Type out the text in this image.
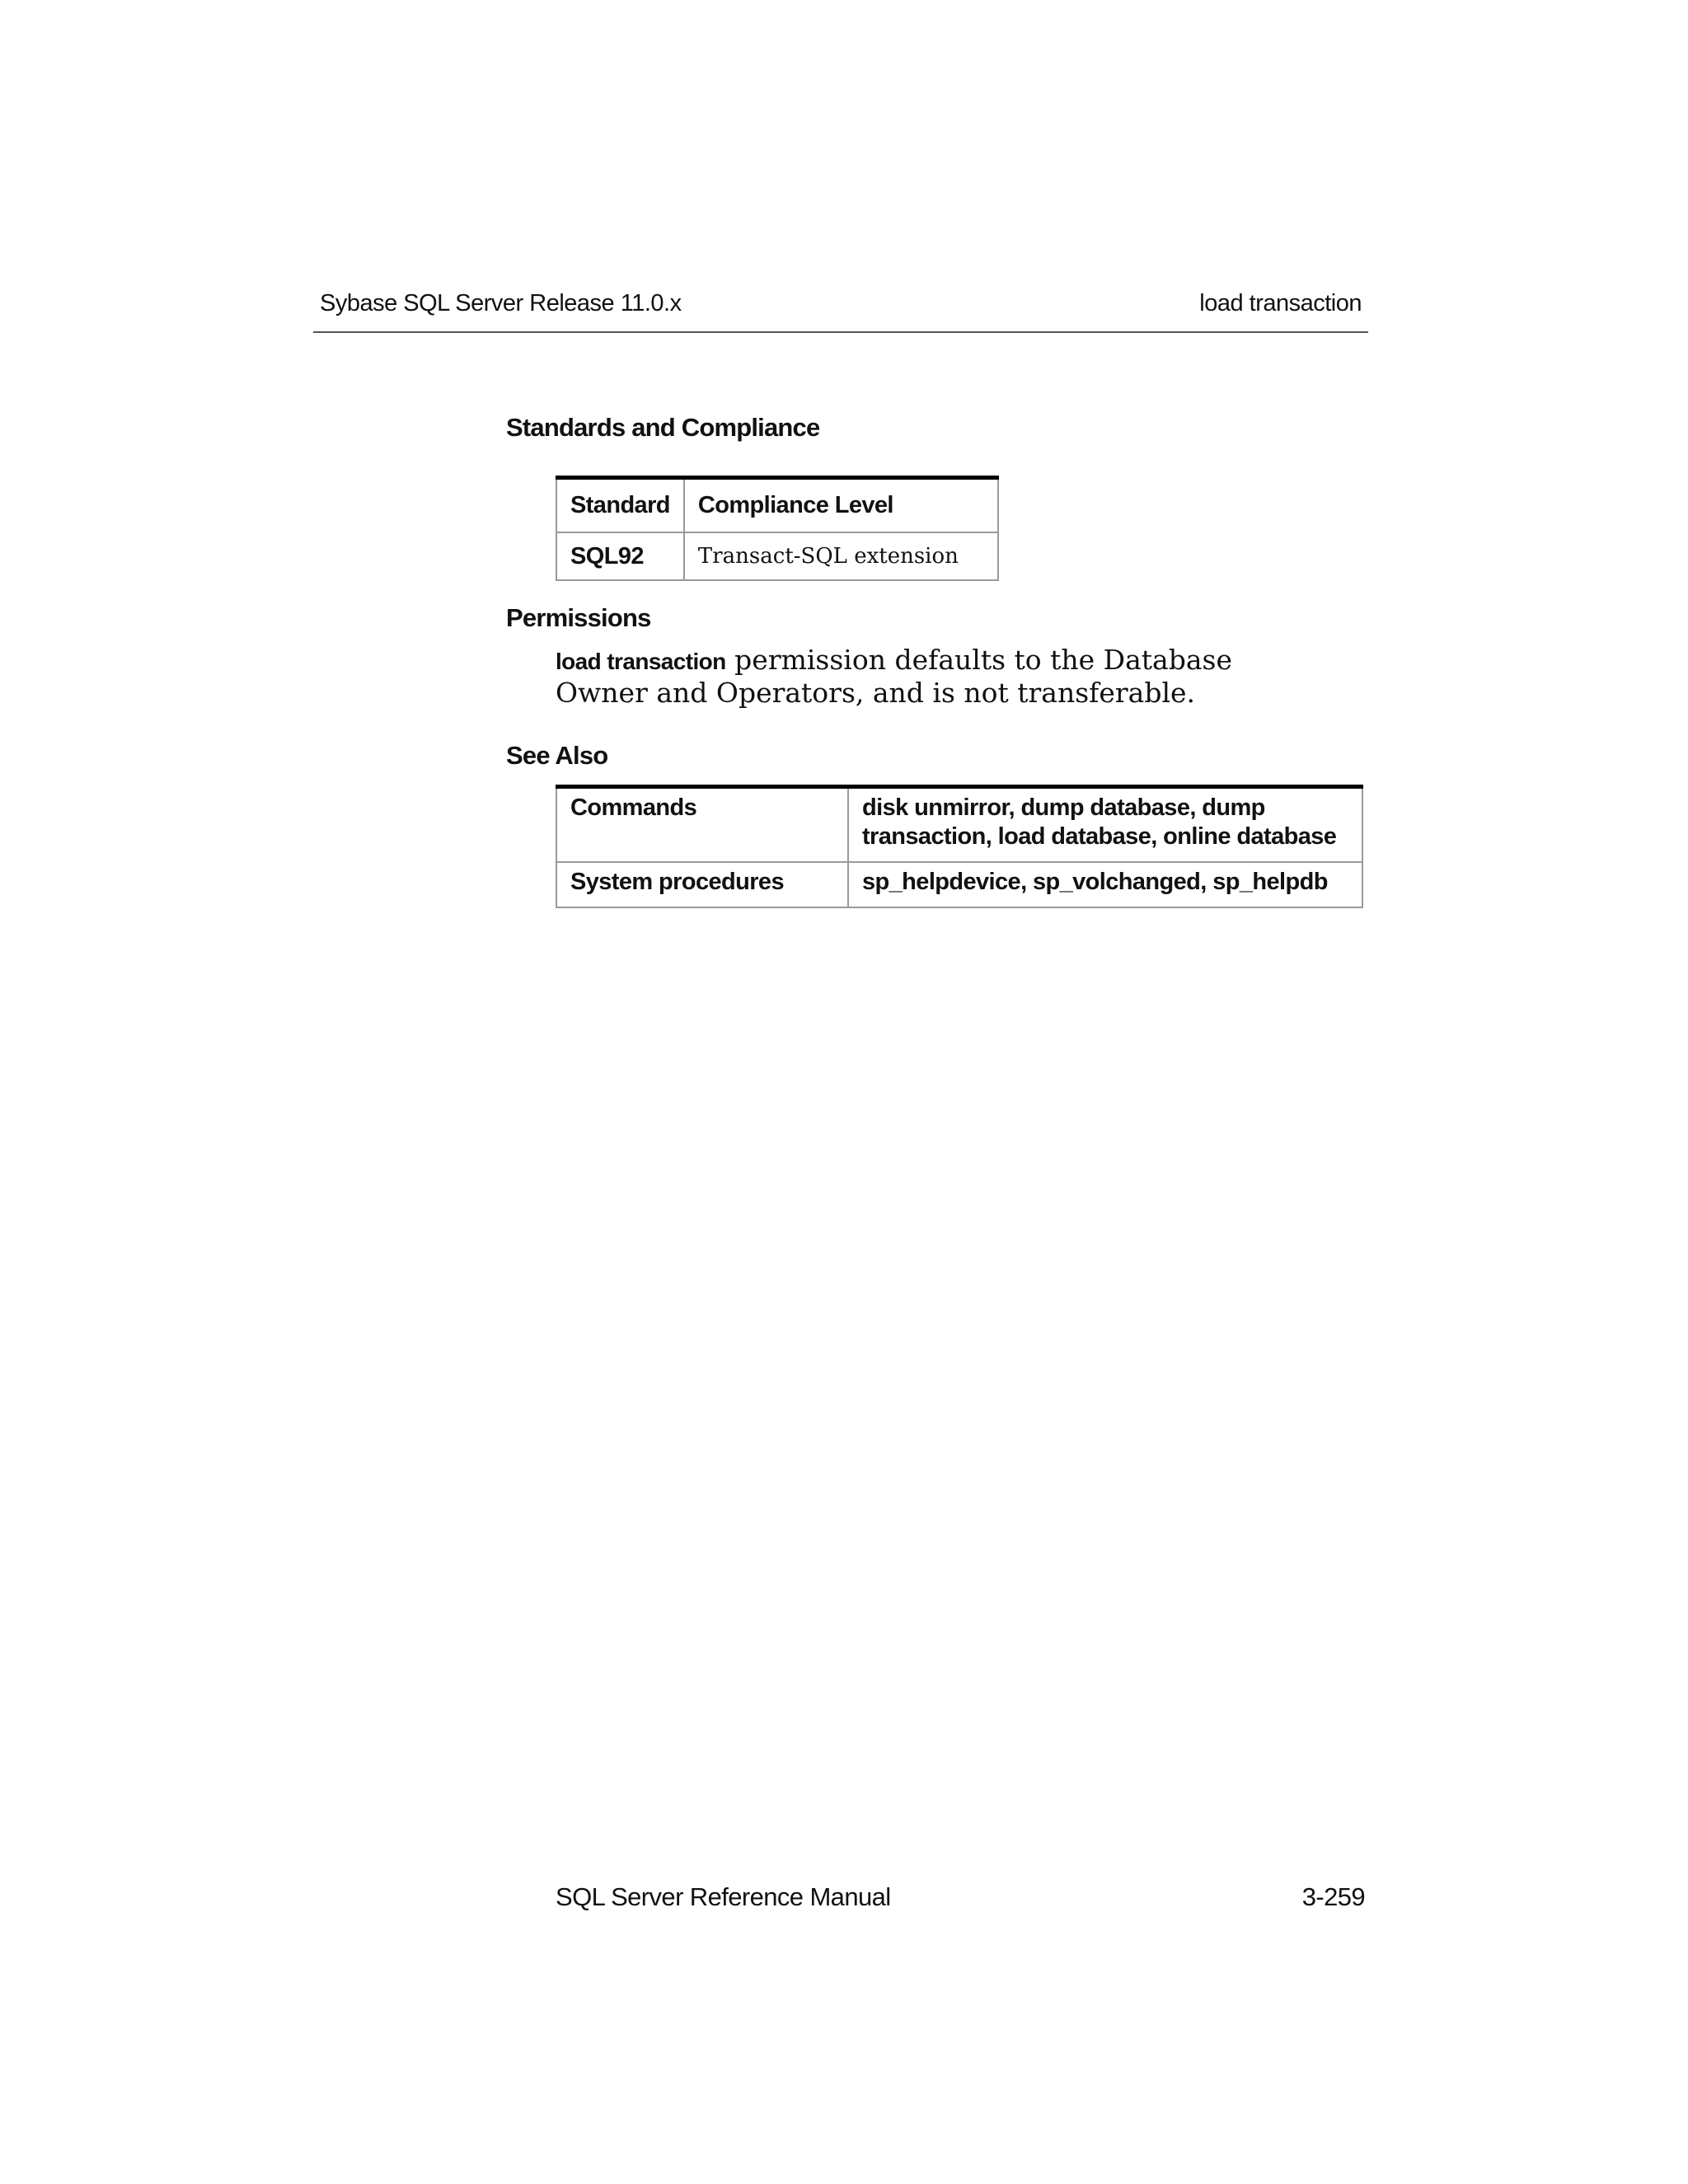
Sybase SQL Server Release 11.0.x	load transaction
Standards and Compliance
Standard	Compliance Level
SQL92	Transact-SQL extension
Permissions
load transaction permission defaults to the Database Owner and Operators, and is not transferable.
See Also
Commands	disk unmirror, dump database, dump transaction, load database, online database
System procedures	sp_helpdevice, sp_volchanged, sp_helpdb
SQL Server Reference Manual	3-259
